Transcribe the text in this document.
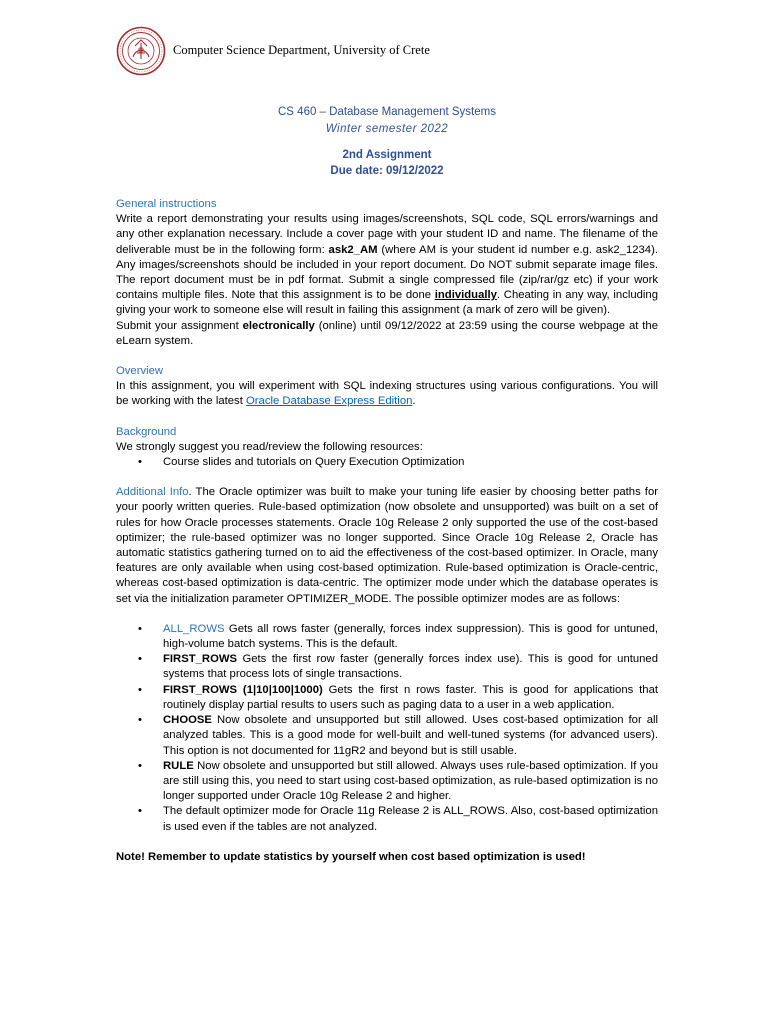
Computer Science Department, University of Crete
CS 460 – Database Management Systems
Winter semester 2022
2nd Assignment
Due date: 09/12/2022
General instructions

Write a report demonstrating your results using images/screenshots, SQL code, SQL errors/warnings and any other explanation necessary. Include a cover page with your student ID and name. The filename of the deliverable must be in the following form: ask2_AM (where AM is your student id number e.g. ask2_1234). Any images/screenshots should be included in your report document. Do NOT submit separate image files. The report document must be in pdf format. Submit a single compressed file (zip/rar/gz etc) if your work contains multiple files. Note that this assignment is to be done individually. Cheating in any way, including giving your work to someone else will result in failing this assignment (a mark of zero will be given).

Submit your assignment electronically (online) until 09/12/2022 at 23:59 using the course webpage at the eLearn system.

Overview

In this assignment, you will experiment with SQL indexing structures using various configurations. You will be working with the latest Oracle Database Express Edition.

Background

We strongly suggest you read/review the following resources:

• Course slides and tutorials on Query Execution Optimization

Additional Info. The Oracle optimizer was built to make your tuning life easier by choosing better paths for your poorly written queries. Rule-based optimization (now obsolete and unsupported) was built on a set of rules for how Oracle processes statements. Oracle 10g Release 2 only supported the use of the cost-based optimizer; the rule-based optimizer was no longer supported. Since Oracle 10g Release 2, Oracle has automatic statistics gathering turned on to aid the effectiveness of the cost-based optimizer. In Oracle, many features are only available when using cost-based optimization. Rule-based optimization is Oracle-centric, whereas cost-based optimization is data-centric. The optimizer mode under which the database operates is set via the initialization parameter OPTIMIZER_MODE. The possible optimizer modes are as follows:

• ALL_ROWS Gets all rows faster (generally, forces index suppression). This is good for untuned, high-volume batch systems. This is the default.
• FIRST_ROWS Gets the first row faster (generally forces index use). This is good for untuned systems that process lots of single transactions.
• FIRST_ROWS (1|10|100|1000) Gets the first n rows faster. This is good for applications that routinely display partial results to users such as paging data to a user in a web application.
• CHOOSE Now obsolete and unsupported but still allowed. Uses cost-based optimization for all analyzed tables. This is a good mode for well-built and well-tuned systems (for advanced users). This option is not documented for 11gR2 and beyond but is still usable.
• RULE Now obsolete and unsupported but still allowed. Always uses rule-based optimization. If you are still using this, you need to start using cost-based optimization, as rule-based optimization is no longer supported under Oracle 10g Release 2 and higher.
• The default optimizer mode for Oracle 11g Release 2 is ALL_ROWS. Also, cost-based optimization is used even if the tables are not analyzed.

Note! Remember to update statistics by yourself when cost based optimization is used!
